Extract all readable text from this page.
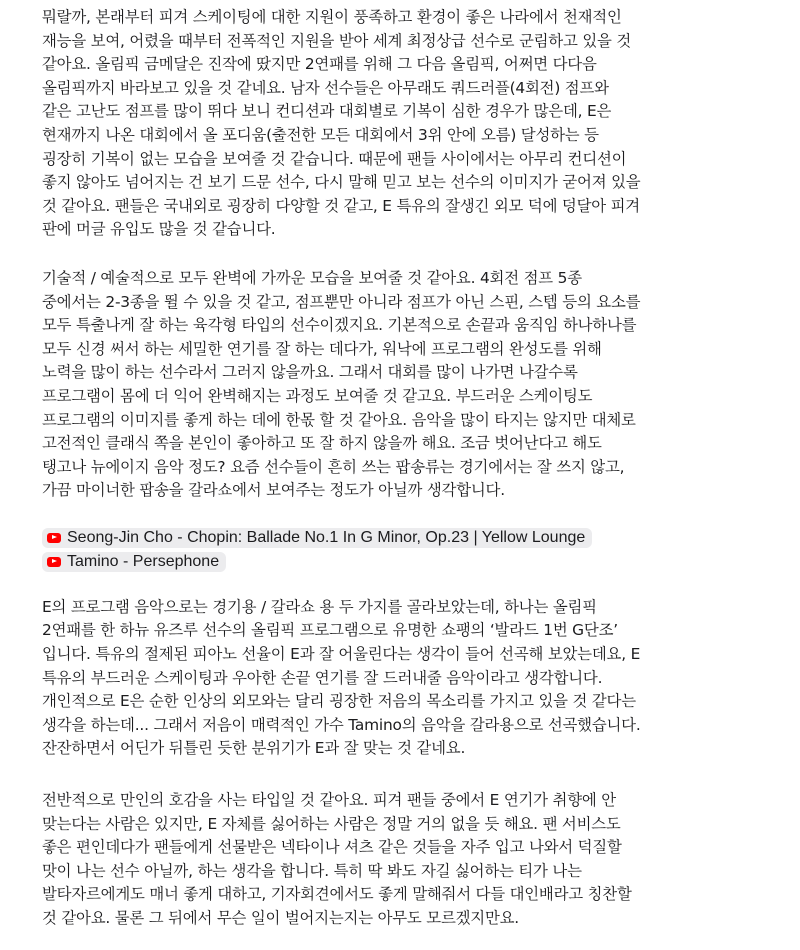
뭐랄까, 본래부터 피겨 스케이팅에 대한 지원이 풍족하고 환경이 좋은 나라에서 천재적인
재능을 보여, 어렸을 때부터 전폭적인 지원을 받아 세계 최정상급 선수로 군림하고 있을 것
같아요. 올림픽 금메달은 진작에 땄지만 2연패를 위해 그 다음 올림픽, 어쩌면 다다음
올림픽까지 바라보고 있을 것 같네요. 남자 선수들은 아무래도 쿼드러플(4회전) 점프와
같은 고난도 점프를 많이 뛰다 보니 컨디션과 대회별로 기복이 심한 경우가 많은데, E은
현재까지 나온 대회에서 올 포디움(출전한 모든 대회에서 3위 안에 오름) 달성하는 등
굉장히 기복이 없는 모습을 보여줄 것 같습니다. 때문에 팬들 사이에서는 아무리 컨디션이
좋지 않아도 넘어지는 건 보기 드문 선수, 다시 말해 믿고 보는 선수의 이미지가 굳어져 있을
것 같아요. 팬들은 국내외로 굉장히 다양할 것 같고, E 특유의 잘생긴 외모 덕에 덩달아 피겨
판에 머글 유입도 많을 것 같습니다.

기술적 / 예술적으로 모두 완벽에 가까운 모습을 보여줄 것 같아요. 4회전 점프 5종
중에서는 2-3종을 뛸 수 있을 것 같고, 점프뿐만 아니라 점프가 아닌 스핀, 스텝 등의 요소를
모두 특출나게 잘 하는 육각형 타입의 선수이겠지요. 기본적으로 손끝과 움직임 하나하나를
모두 신경 써서 하는 세밀한 연기를 잘 하는 데다가, 워낙에 프로그램의 완성도를 위해
노력을 많이 하는 선수라서 그러지 않을까요. 그래서 대회를 많이 나가면 나갈수록
프로그램이 몸에 더 익어 완벽해지는 과정도 보여줄 것 같고요. 부드러운 스케이팅도
프로그램의 이미지를 좋게 하는 데에 한몫 할 것 같아요. 음악을 많이 타지는 않지만 대체로
고전적인 클래식 쪽을 본인이 좋아하고 또 잘 하지 않을까 해요. 조금 벗어난다고 해도
탱고나 뉴에이지 음악 정도? 요즘 선수들이 흔히 쓰는 팝송류는 경기에서는 잘 쓰지 않고,
가끔 마이너한 팝송을 갈라쇼에서 보여주는 정도가 아닐까 생각합니다.

Seong-Jin Cho - Chopin: Ballade No.1 In G Minor, Op.23 | Yellow Lounge
Tamino - Persephone

E의 프로그램 음악으로는 경기용 / 갈라쇼 용 두 가지를 골라보았는데, 하나는 올림픽
2연패를 한 하뉴 유즈루 선수의 올림픽 프로그램으로 유명한 쇼팽의 ‘발라드 1번 G단조’
입니다. 특유의 절제된 피아노 선율이 E과 잘 어울린다는 생각이 들어 선곡해 보았는데요, E
특유의 부드러운 스케이팅과 우아한 손끝 연기를 잘 드러내줄 음악이라고 생각합니다.
개인적으로 E은 순한 인상의 외모와는 달리 굉장한 저음의 목소리를 가지고 있을 것 같다는
생각을 하는데... 그래서 저음이 매력적인 가수 Tamino의 음악을 갈라용으로 선곡했습니다.
잔잔하면서 어딘가 뒤틀린 듯한 분위기가 E과 잘 맞는 것 같네요.

전반적으로 만인의 호감을 사는 타입일 것 같아요. 피겨 팬들 중에서 E 연기가 취향에 안
맞는다는 사람은 있지만, E 자체를 싫어하는 사람은 정말 거의 없을 듯 해요. 팬 서비스도
좋은 편인데다가 팬들에게 선물받은 넥타이나 셔츠 같은 것들을 자주 입고 나와서 덕질할
맛이 나는 선수 아닐까, 하는 생각을 합니다. 특히 딱 봐도 자길 싫어하는 티가 나는
발타자르에게도 매너 좋게 대하고, 기자회견에서도 좋게 말해줘서 다들 대인배라고 칭찬할
것 같아요. 물론 그 뒤에서 무슨 일이 벌어지는지는 아무도 모르겠지만요.
